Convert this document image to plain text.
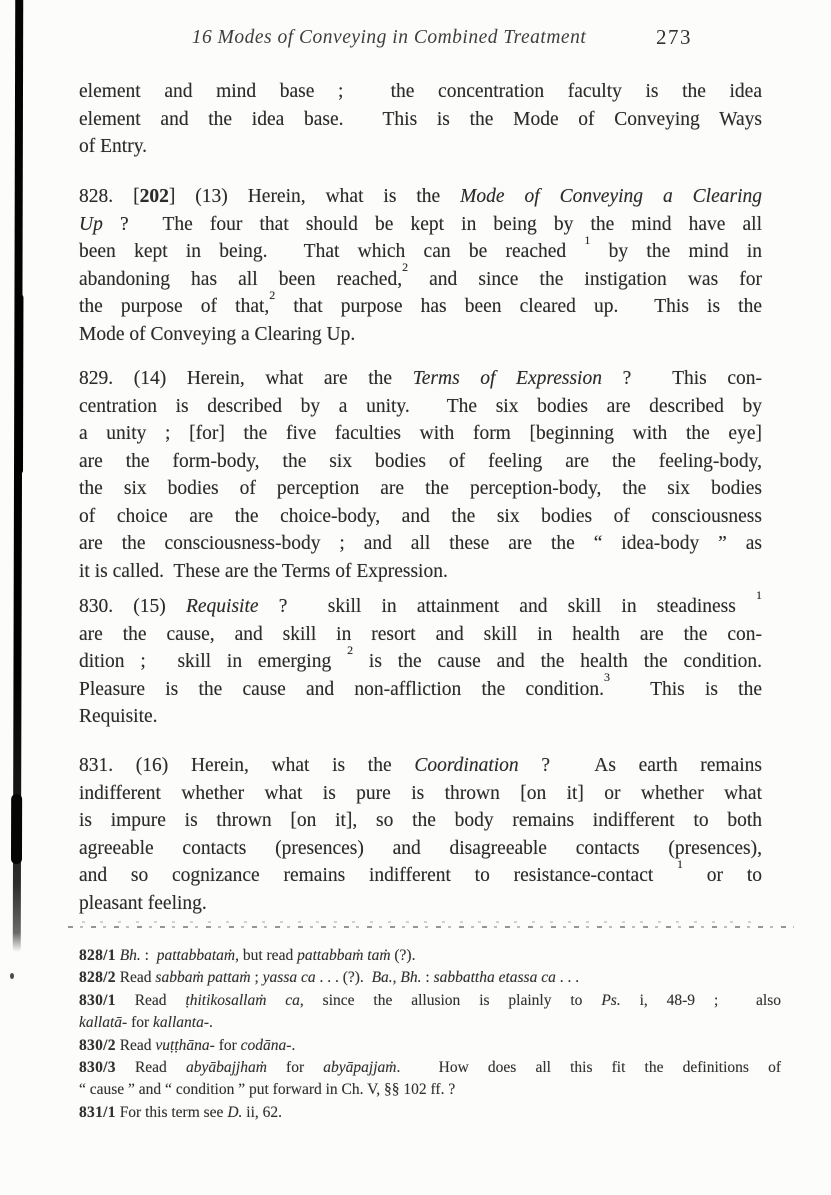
16 Modes of Conveying in Combined Treatment	273
element and mind base ;  the concentration faculty is the idea
element and the idea base.  This is the Mode of Conveying Ways
of Entry.
828. [202] (13) Herein, what is the Mode of Conveying a Clearing
Up ?  The four that should be kept in being by the mind have all
been kept in being.  That which can be reached $^1$ by the mind in
abandoning has all been reached,$^2$ and since the instigation was for
the purpose of that,$^2$ that purpose has been cleared up.  This is the
Mode of Conveying a Clearing Up.
829. (14) Herein, what are the Terms of Expression ?  This con-
centration is described by a unity.  The six bodies are described by
a unity ; [for] the five faculties with form [beginning with the eye]
are the form-body, the six bodies of feeling are the feeling-body,
the six bodies of perception are the perception-body, the six bodies
of choice are the choice-body, and the six bodies of consciousness
are the consciousness-body ; and all these are the “ idea-body ” as
it is called.  These are the Terms of Expression.
830. (15) Requisite ?  skill in attainment and skill in steadiness $^1$
are the cause, and skill in resort and skill in health are the con-
dition ;  skill in emerging $^2$ is the cause and the health the condition.
Pleasure is the cause and non-affliction the condition.$^3$  This is the
Requisite.
831. (16) Herein, what is the Coordination ?  As earth remains
indifferent whether what is pure is thrown [on it] or whether what
is impure is thrown [on it], so the body remains indifferent to both
agreeable contacts (presences) and disagreeable contacts (presences),
and so cognizance remains indifferent to resistance-contact $^1$ or to
pleasant feeling.
828/1 Bh. :  pattabbataṁ, but read pattabbaṁ taṁ (?).
828/2 Read sabbaṁ pattaṁ ; yassa ca . . . (?).  Ba., Bh. : sabbattha etassa ca . . .
830/1 Read ṭhitikosallaṁ ca, since the allusion is plainly to Ps. i, 48-9 ;  also
kallatā- for kallanta-.
830/2 Read vuṭṭhāna- for codāna-.
830/3 Read abyābajjhaṁ for abyāpajjaṁ.  How does all this fit the definitions of
“ cause ” and “ condition ” put forward in Ch. V, §§ 102 ff. ?
831/1 For this term see D. ii, 62.
